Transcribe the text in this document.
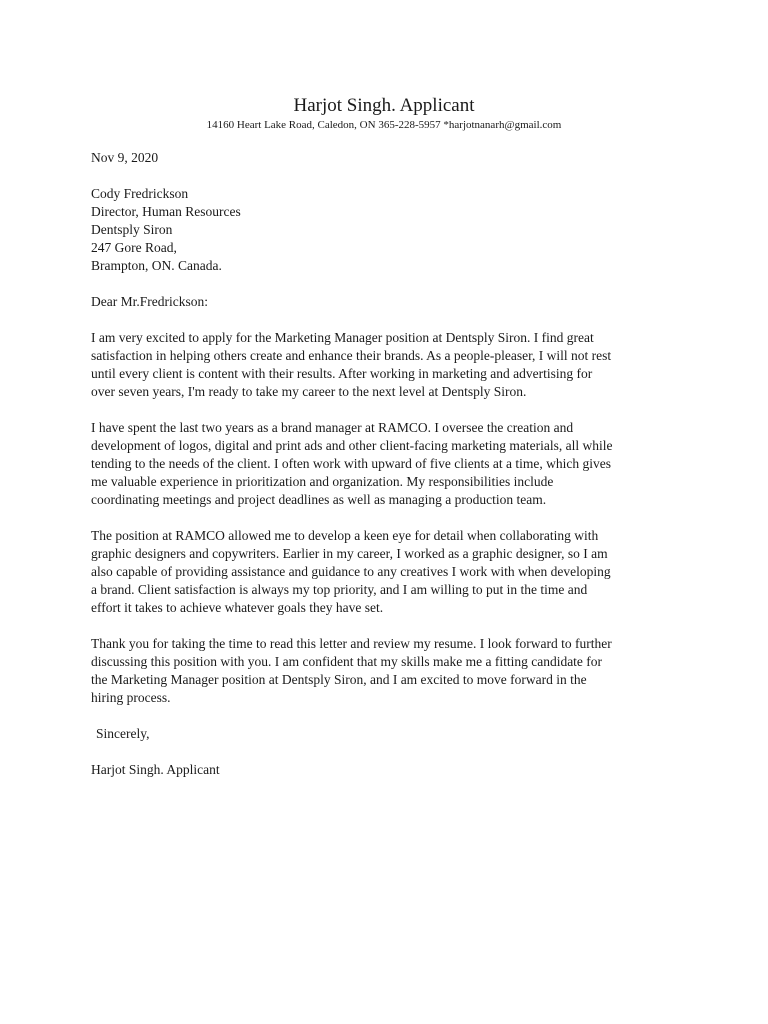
Harjot Singh. Applicant
14160 Heart Lake Road, Caledon, ON 365-228-5957 *harjotnanarh@gmail.com
Nov 9, 2020
Cody Fredrickson
Director, Human Resources
Dentsply Siron
247 Gore Road,
Brampton, ON. Canada.
Dear Mr.Fredrickson:
I am very excited to apply for the Marketing Manager position at Dentsply Siron. I find great
satisfaction in helping others create and enhance their brands. As a people-pleaser, I will not rest
until every client is content with their results. After working in marketing and advertising for
over seven years, I'm ready to take my career to the next level at Dentsply Siron.
I have spent the last two years as a brand manager at RAMCO. I oversee the creation and
development of logos, digital and print ads and other client-facing marketing materials, all while
tending to the needs of the client. I often work with upward of five clients at a time, which gives
me valuable experience in prioritization and organization. My responsibilities include
coordinating meetings and project deadlines as well as managing a production team.
The position at RAMCO allowed me to develop a keen eye for detail when collaborating with
graphic designers and copywriters. Earlier in my career, I worked as a graphic designer, so I am
also capable of providing assistance and guidance to any creatives I work with when developing
a brand. Client satisfaction is always my top priority, and I am willing to put in the time and
effort it takes to achieve whatever goals they have set.
Thank you for taking the time to read this letter and review my resume. I look forward to further
discussing this position with you. I am confident that my skills make me a fitting candidate for
the Marketing Manager position at Dentsply Siron, and I am excited to move forward in the
hiring process.
Sincerely,
Harjot Singh. Applicant
